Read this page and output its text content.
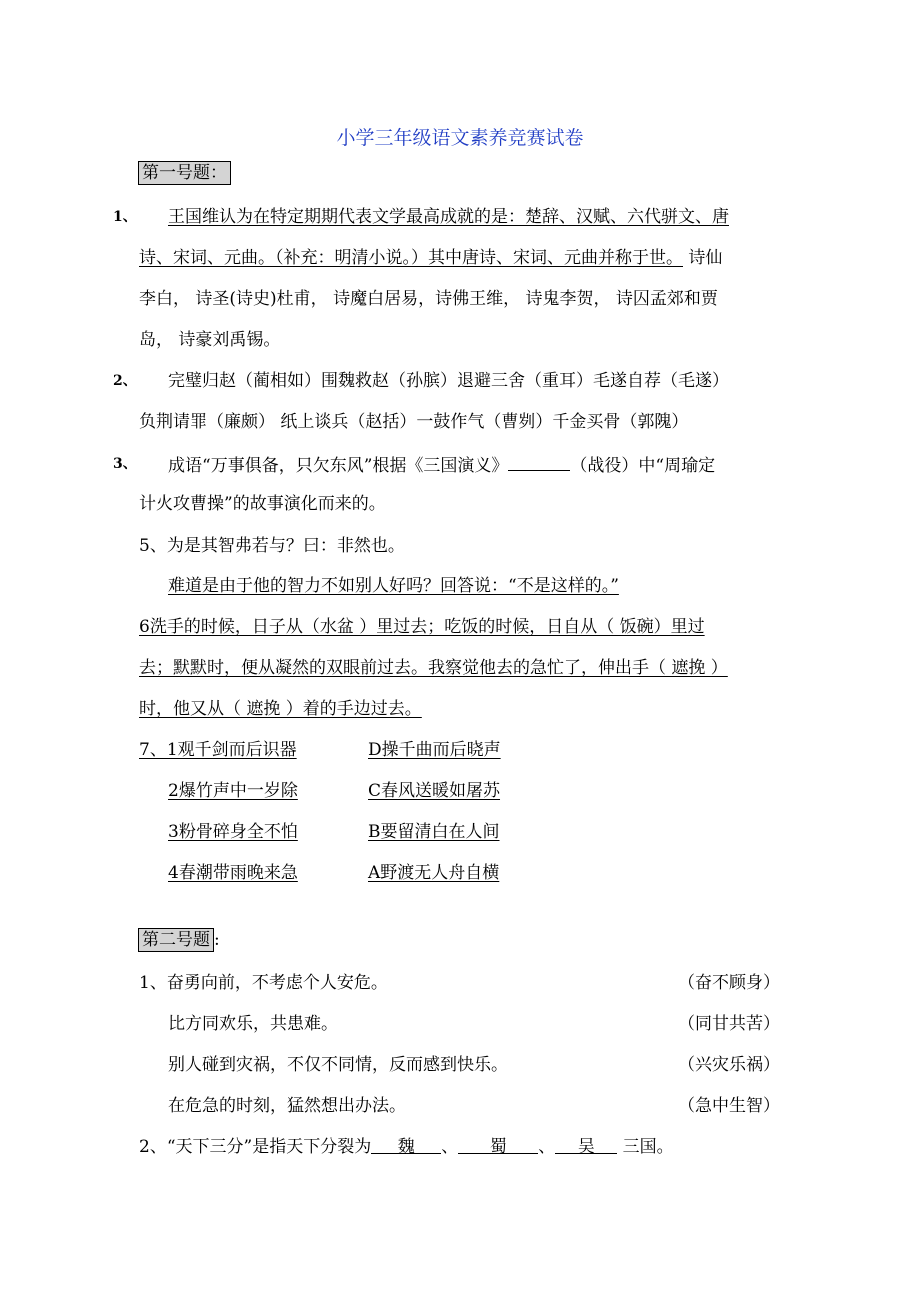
小学三年级语文素养竞赛试卷
第一号题：
1、 王国维认为在特定期期代表文学最高成就的是：楚辞、汉赋、六代骈文、唐
诗、宋词、元曲。（补充：明清小说。）其中唐诗、宋词、元曲并称于世。 诗仙
李白， 诗圣(诗史)杜甫， 诗魔白居易，诗佛王维， 诗鬼李贺， 诗囚孟郊和贾
岛， 诗豪刘禹锡。
2、 完璧归赵（蔺相如）围魏救赵（孙膑）退避三舍（重耳）毛遂自荐（毛遂）
负荆请罪（廉颇） 纸上谈兵（赵括）一鼓作气（曹刿）千金买骨（郭隗）
3、 成语“万事俱备，只欠东风”根据《三国演义》	（战役）中“周瑜定
计火攻曹操”的故事演化而来的。
5、为是其智弗若与？曰：非然也。
难道是由于他的智力不如别人好吗？回答说：“不是这样的。”
6洗手的时候，日子从（水盆 ）里过去；吃饭的时候，日自从（ 饭碗）里过
去；默默时，便从凝然的双眼前过去。我察觉他去的急忙了，伸出手（ 遮挽 ）
时，他又从（ 遮挽 ）着的手边过去。
7、1观千剑而后识器	D操千曲而后晓声
2爆竹声中一岁除	C春风送暖如屠苏
3粉骨碎身全不怕	B要留清白在人间
4春潮带雨晚来急	A野渡无人舟自横
第二号题 :
1、奋勇向前，不考虑个人安危。	（奋不顾身）
比方同欢乐，共患难。	（同甘共苦）
别人碰到灾祸，不仅不同情，反而感到快乐。	（兴灾乐祸）
在危急的时刻，猛然想出办法。	（急中生智）
2、“天下三分”是指天下分裂为 魏 、 蜀 、 吴 三国。
